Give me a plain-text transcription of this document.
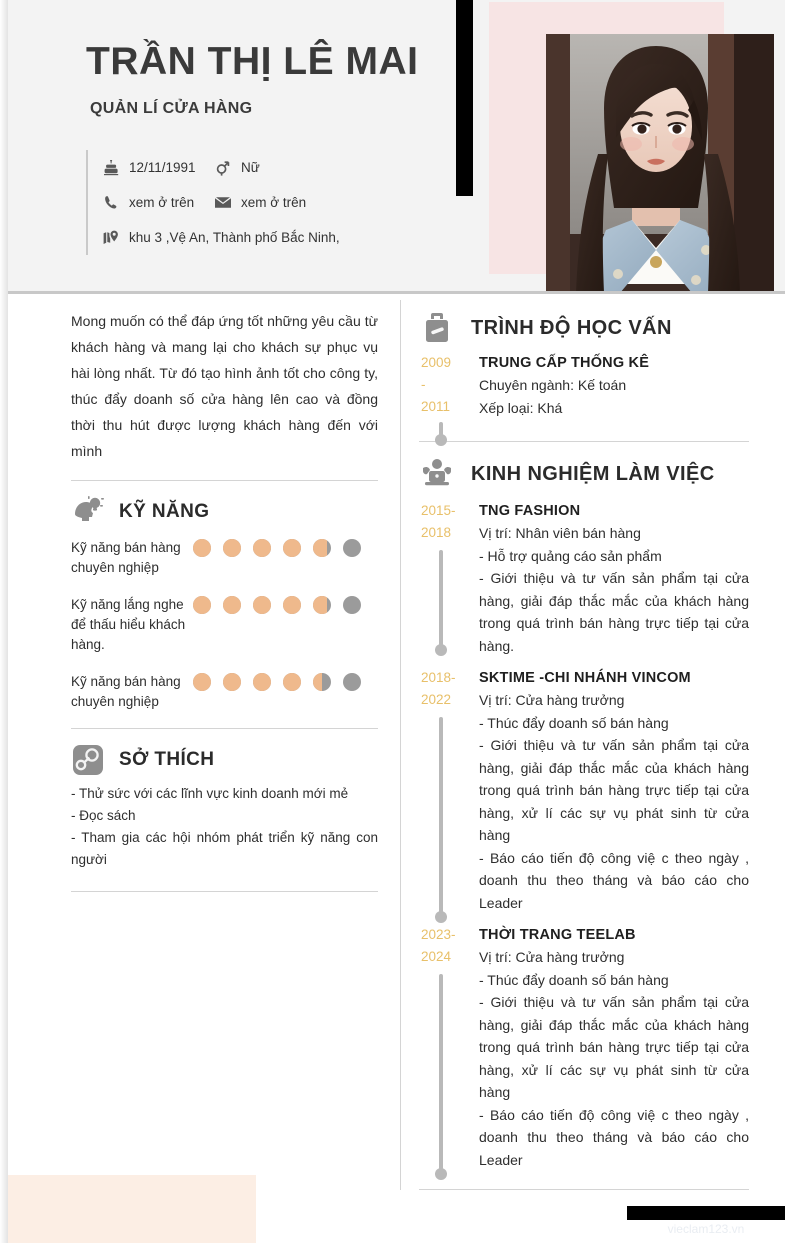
TRẦN THỊ LÊ MAI
QUẢN LÍ CỬA HÀNG
12/11/1991	Nữ
xem ở trên	xem ở trên
khu 3 ,Vệ An, Thành phố Bắc Ninh,
Mong muốn có thể đáp ứng tốt những yêu cầu từ khách hàng và mang lại cho khách sự phục vụ hài lòng nhất. Từ đó tạo hình ảnh tốt cho công ty, thúc đẩy doanh số cửa hàng lên cao và đồng thời thu hút được lượng khách hàng đến với mình
KỸ NĂNG
Kỹ năng bán hàng chuyên nghiệp
Kỹ năng lắng nghe để thấu hiểu khách hàng.
Kỹ năng bán hàng chuyên nghiệp
SỞ THÍCH
- Thử sức với các lĩnh vực kinh doanh mới mẻ
- Đọc sách
- Tham gia các hội nhóm phát triển kỹ năng con người
TRÌNH ĐỘ HỌC VẤN
2009
-
2011
TRUNG CẤP THỐNG KÊ
Chuyên ngành: Kế toán
Xếp loại: Khá
KINH NGHIỆM LÀM VIỆC
2015-
2018
TNG FASHION
Vị trí: Nhân viên bán hàng
- Hỗ trợ quảng cáo sản phẩm
- Giới thiệu và tư vấn sản phẩm tại cửa hàng, giải đáp thắc mắc của khách hàng trong quá trình bán hàng trực tiếp tại cửa hàng.
2018-
2022
SKTIME -CHI NHÁNH VINCOM
Vị trí: Cửa hàng trưởng
- Thúc đẩy doanh số bán hàng
- Giới thiệu và tư vấn sản phẩm tại cửa hàng, giải đáp thắc mắc của khách hàng trong quá trình bán hàng trực tiếp tại cửa hàng, xử lí các sự vụ phát sinh từ cửa hàng
- Báo cáo tiến độ công việ c theo ngày , doanh thu theo tháng và báo cáo cho Leader
2023-
2024
THỜI TRANG TEELAB
Vị trí: Cửa hàng trưởng
- Thúc đẩy doanh số bán hàng
- Giới thiệu và tư vấn sản phẩm tại cửa hàng, giải đáp thắc mắc của khách hàng trong quá trình bán hàng trực tiếp tại cửa hàng, xử lí các sự vụ phát sinh từ cửa hàng
- Báo cáo tiến độ công việ c theo ngày , doanh thu theo tháng và báo cáo cho Leader
vieclam123.vn
